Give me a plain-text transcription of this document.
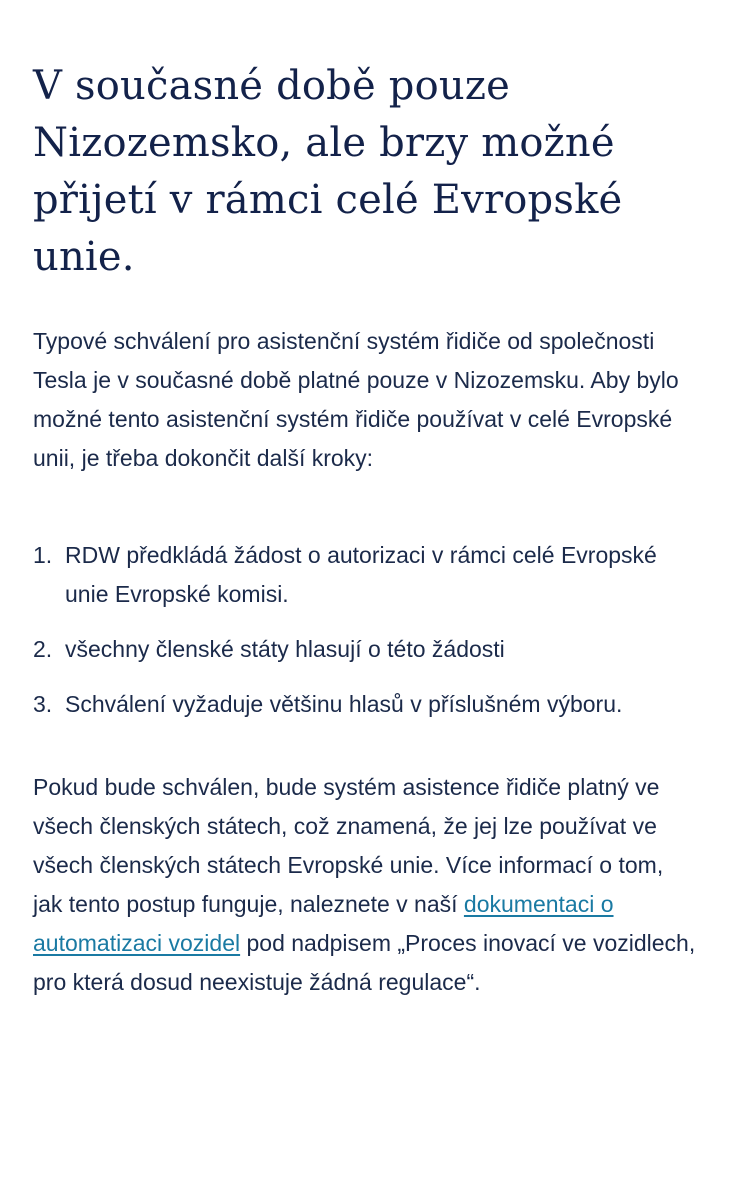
V současné době pouze Nizozemsko, ale brzy možné přijetí v rámci celé Evropské unie.

Typové schválení pro asistenční systém řidiče od společnosti Tesla je v současné době platné pouze v Nizozemsku. Aby bylo možné tento asistenční systém řidiče používat v celé Evropské unii, je třeba dokončit další kroky:

1. RDW předkládá žádost o autorizaci v rámci celé Evropské unie Evropské komisi.
2. všechny členské státy hlasují o této žádosti
3. Schválení vyžaduje většinu hlasů v příslušném výboru.

Pokud bude schválen, bude systém asistence řidiče platný ve všech členských státech, což znamená, že jej lze používat ve všech členských státech Evropské unie. Více informací o tom, jak tento postup funguje, naleznete v naší dokumentaci o automatizaci vozidel pod nadpisem „Proces inovací ve vozidlech, pro která dosud neexistuje žádná regulace“.
